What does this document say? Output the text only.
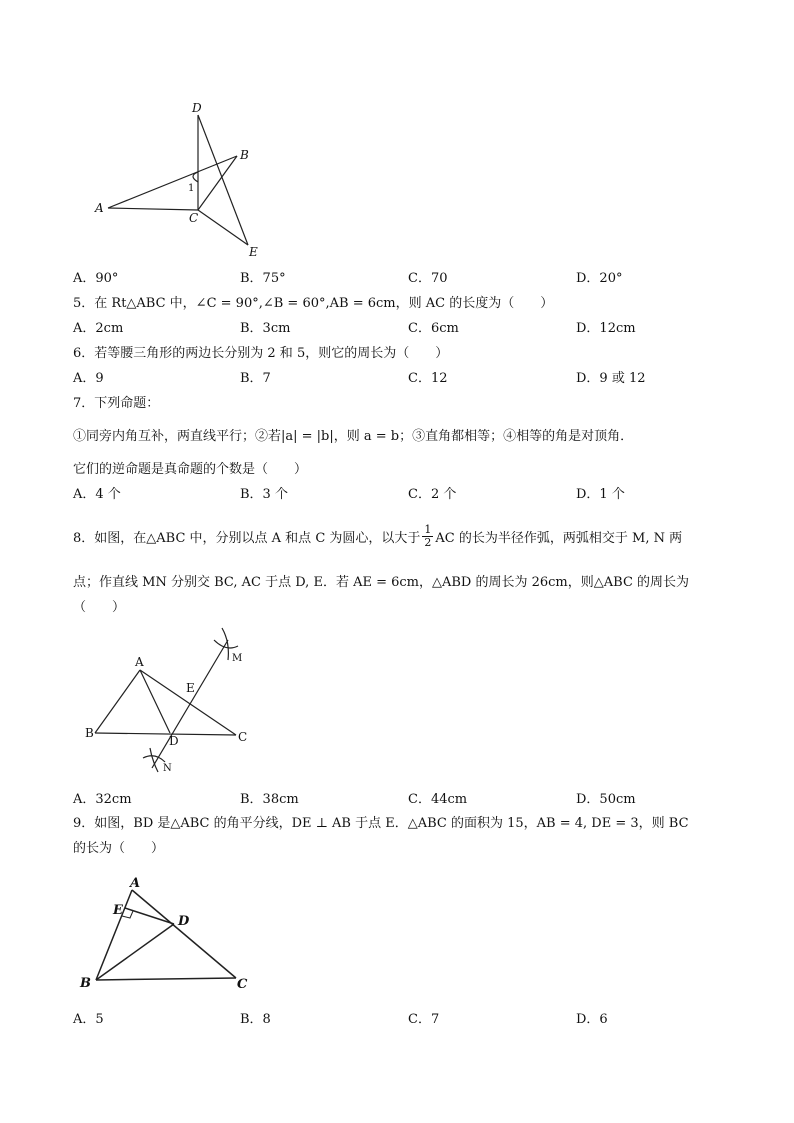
D
B
A
C
E
1
A．90°	B．75°	C．70	D．20°
5．在 Rt△ABC 中，∠C = 90°,∠B = 60°,AB = 6cm，则 AC 的长度为（　　）
A．2cm	B．3cm	C．6cm	D．12cm
6．若等腰三角形的两边长分别为 2 和 5，则它的周长为（　　）
A．9	B．7	C．12	D．9 或 12
7．下列命题：
①同旁内角互补，两直线平行；②若|a| = |b|，则 a = b；③直角都相等；④相等的角是对顶角．
它们的逆命题是真命题的个数是（　　）
A．4 个	B．3 个	C．2 个	D．1 个
8．如图，在△ABC 中，分别以点 A 和点 C 为圆心，以大于 $\frac{1}{2}$ AC 的长为半径作弧，两弧相交于 M, N 两
点；作直线 MN 分别交 BC, AC 于点 D, E．若 AE = 6cm，△ABD 的周长为 26cm，则△ABC 的周长为
（　　）
A
B	C
D
E
M
N
A．32cm	B．38cm	C．44cm	D．50cm
9．如图，BD 是△ABC 的角平分线，DE ⊥ AB 于点 E．△ABC 的面积为 15，AB = 4, DE = 3，则 BC
的长为（　　）
A
E
D
B	C
A．5	B．8	C．7	D．6
